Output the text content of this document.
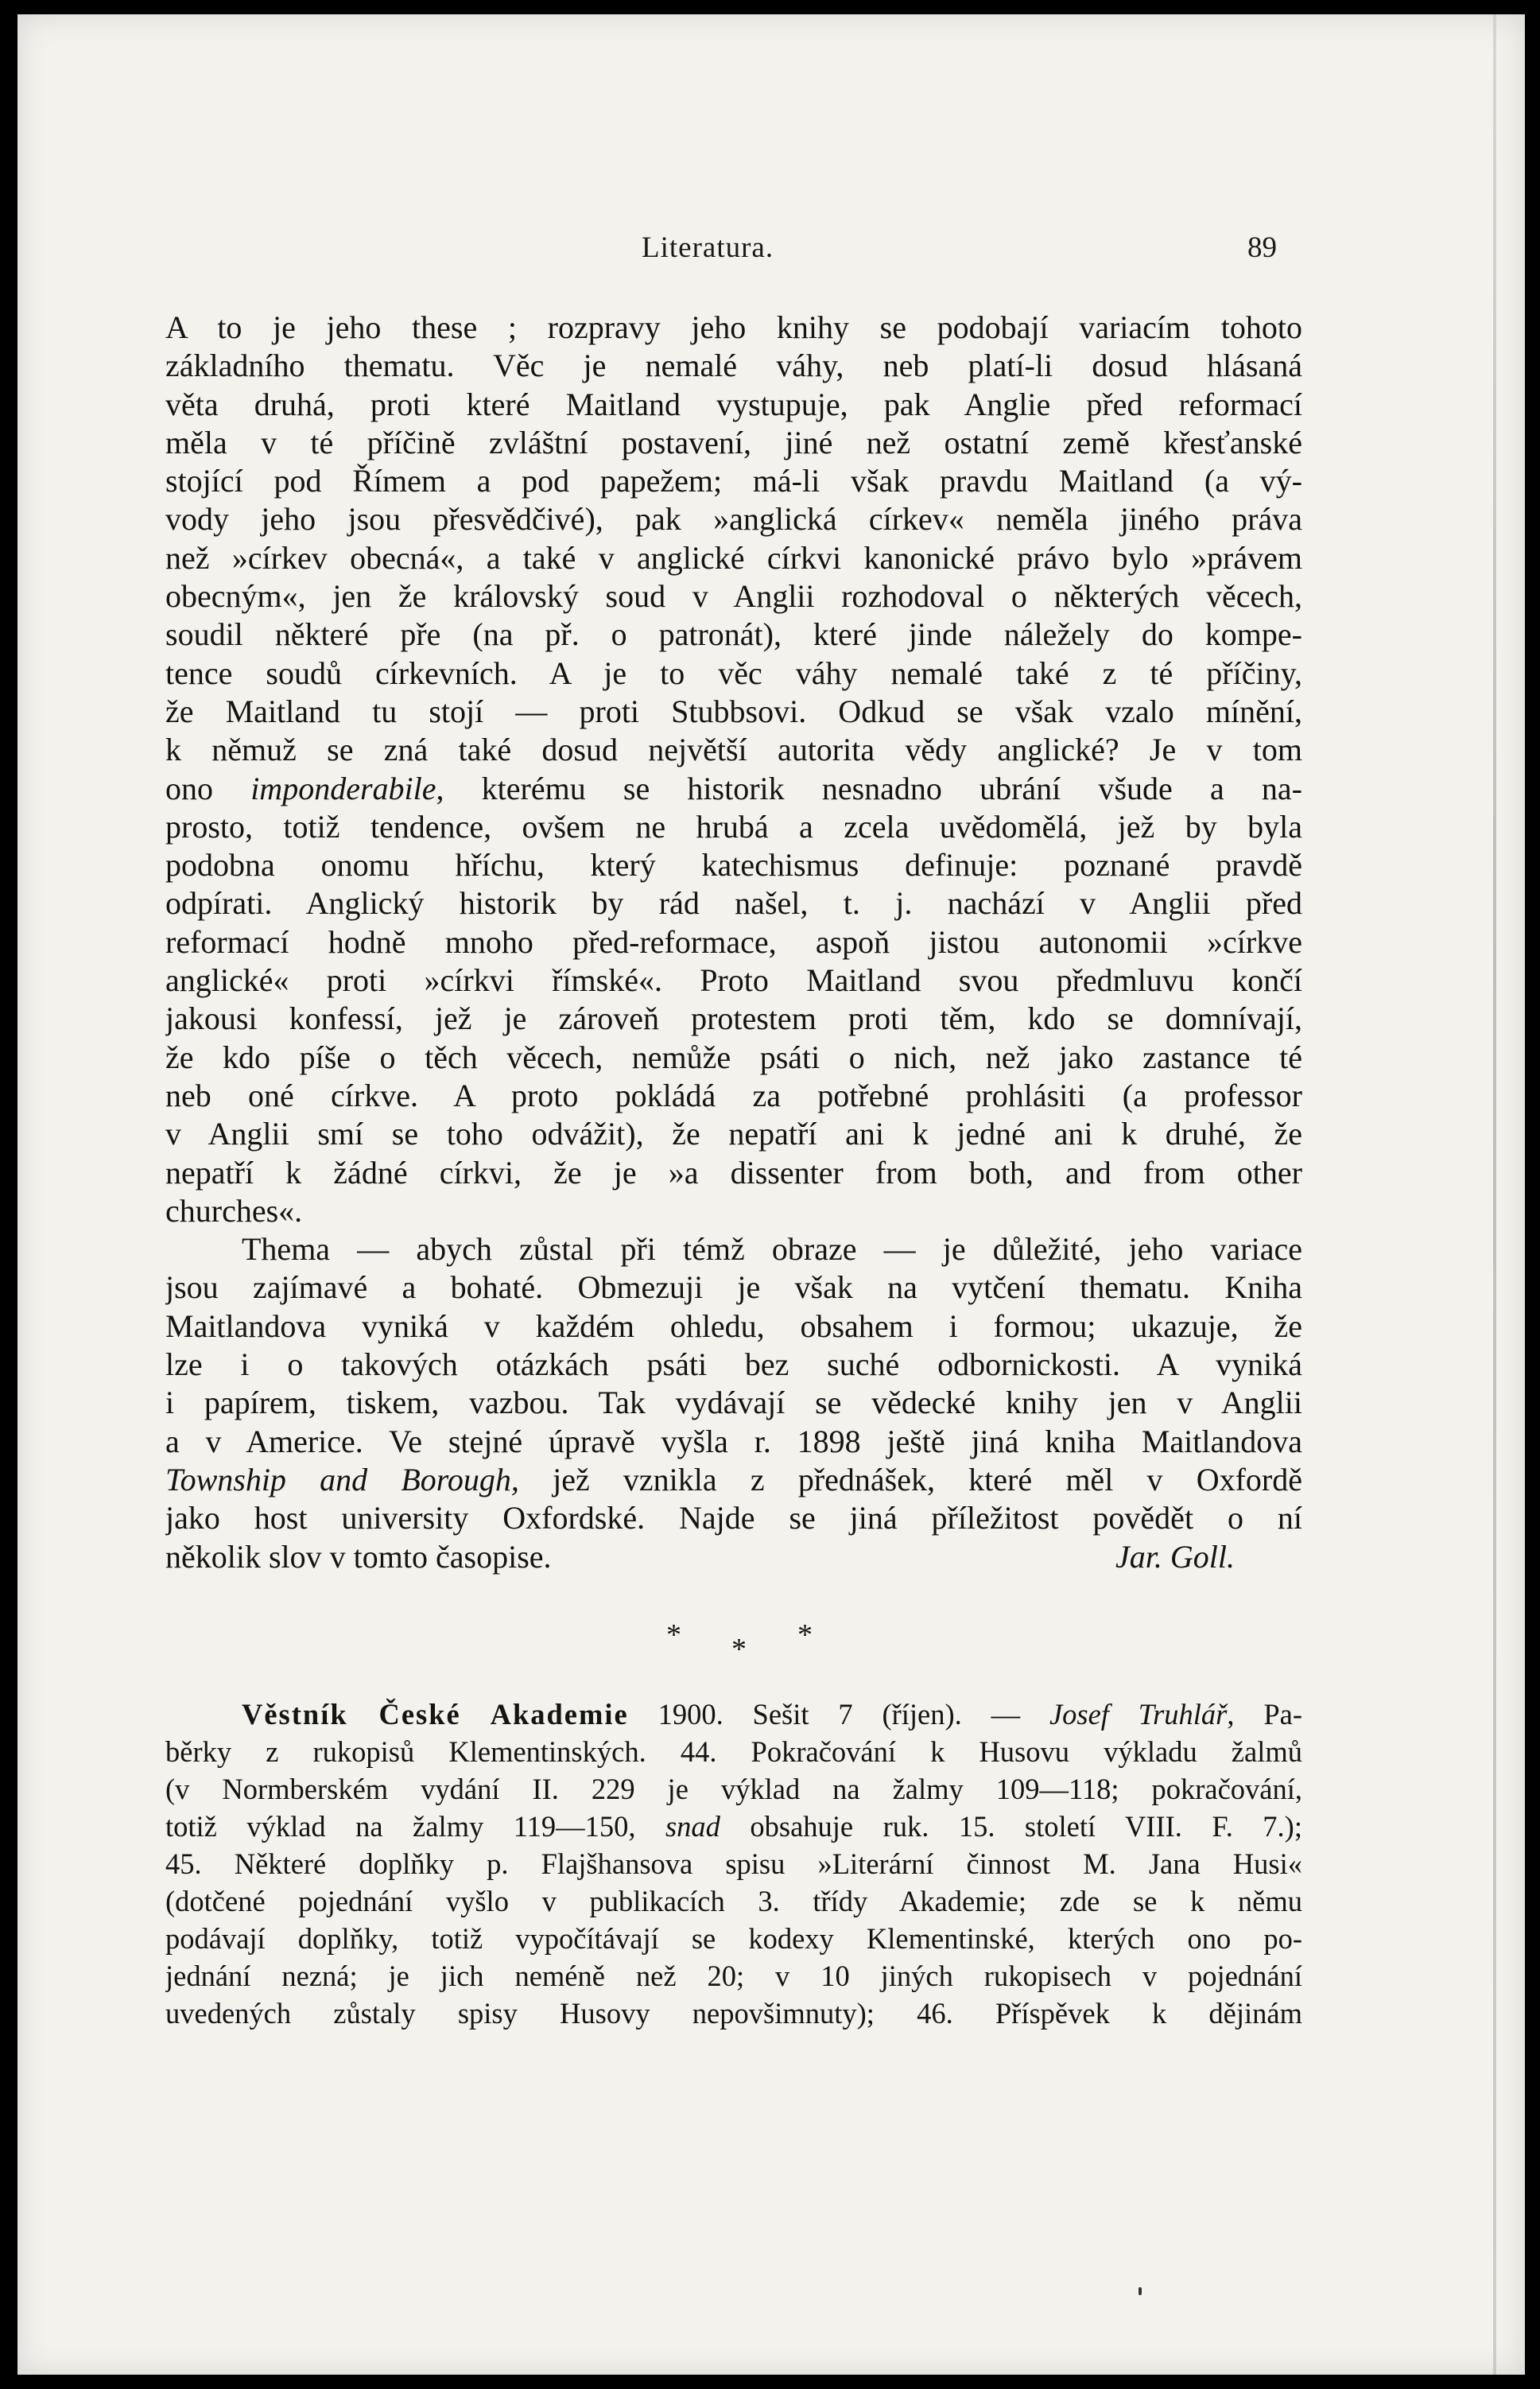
Literatura.	89
A to je jeho these ; rozpravy jeho knihy se podobají variacím tohoto
základního thematu. Věc je nemalé váhy, neb platí-li dosud hlásaná
věta druhá, proti které Maitland vystupuje, pak Anglie před reformací
měla v té příčině zvláštní postavení, jiné než ostatní země křesťanské
stojící pod Římem a pod papežem; má-li však pravdu Maitland (a vý-
vody jeho jsou přesvědčivé), pak »anglická církev« neměla jiného práva
než »církev obecná«, a také v anglické církvi kanonické právo bylo »právem
obecným«, jen že královský soud v Anglii rozhodoval o některých věcech,
soudil některé pře (na př. o patronát), které jinde náležely do kompe-
tence soudů církevních. A je to věc váhy nemalé také z té příčiny,
že Maitland tu stojí — proti Stubbsovi. Odkud se však vzalo mínění,
k němuž se zná také dosud největší autorita vědy anglické? Je v tom
ono imponderabile, kterému se historik nesnadno ubrání všude a na-
prosto, totiž tendence, ovšem ne hrubá a zcela uvědomělá, jež by byla
podobna onomu hříchu, který katechismus definuje: poznané pravdě
odpírati. Anglický historik by rád našel, t. j. nachází v Anglii před
reformací hodně mnoho před-reformace, aspoň jistou autonomii »církve
anglické« proti »církvi římské«. Proto Maitland svou předmluvu končí
jakousi konfessí, jež je zároveň protestem proti těm, kdo se domnívají,
že kdo píše o těch věcech, nemůže psáti o nich, než jako zastance té
neb oné církve. A proto pokládá za potřebné prohlásiti (a professor
v Anglii smí se toho odvážit), že nepatří ani k jedné ani k druhé, že
nepatří k žádné církvi, že je »a dissenter from both, and from other
churches«.
Thema — abych zůstal při témž obraze — je důležité, jeho variace
jsou zajímavé a bohaté. Obmezuji je však na vytčení thematu. Kniha
Maitlandova vyniká v každém ohledu, obsahem i formou; ukazuje, že
lze i o takových otázkách psáti bez suché odbornickosti. A vyniká
i papírem, tiskem, vazbou. Tak vydávají se vědecké knihy jen v Anglii
a v Americe. Ve stejné úpravě vyšla r. 1898 ještě jiná kniha Maitlandova
Township and Borough, jež vznikla z přednášek, které měl v Oxfordě
jako host university Oxfordské. Najde se jiná příležitost povědět o ní
několik slov v tomto časopise.	Jar. Goll.
* * *
Věstník České Akademie 1900. Sešit 7 (říjen). — Josef Truhlář, Pa-
běrky z rukopisů Klementinských. 44. Pokračování k Husovu výkladu žalmů
(v Normberském vydání II. 229 je výklad na žalmy 109—118; pokračování,
totiž výklad na žalmy 119—150, snad obsahuje ruk. 15. století VIII. F. 7.);
45. Některé doplňky p. Flajšhansova spisu »Literární činnost M. Jana Husi«
(dotčené pojednání vyšlo v publikacích 3. třídy Akademie; zde se k němu
podávají doplňky, totiž vypočítávají se kodexy Klementinské, kterých ono po-
jednání nezná; je jich neméně než 20; v 10 jiných rukopisech v pojednání
uvedených zůstaly spisy Husovy nepovšimnuty); 46. Příspěvek k dějinám
